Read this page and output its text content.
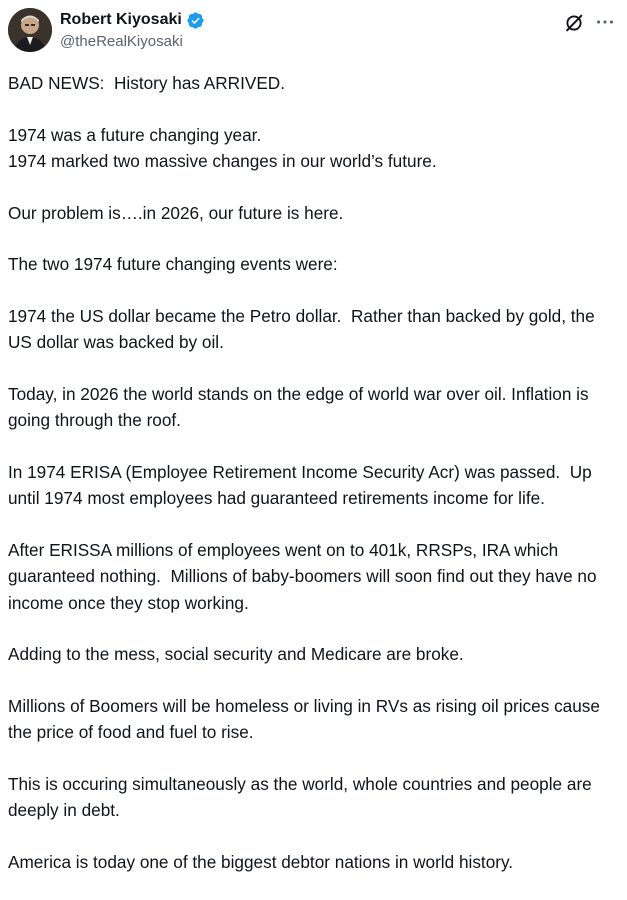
Robert Kiyosaki
@theRealKiyosaki

BAD NEWS:  History has ARRIVED.

1974 was a future changing year.
1974 marked two massive changes in our world’s future.

Our problem is….in 2026, our future is here.

The two 1974 future changing events were:

1974 the US dollar became the Petro dollar.  Rather than backed by gold, the US dollar was backed by oil.

Today, in 2026 the world stands on the edge of world war over oil. Inflation is going through the roof.

In 1974 ERISA (Employee Retirement Income Security Acr) was passed.  Up until 1974 most employees had guaranteed retirements income for life.

After ERISSA millions of employees went on to 401k, RRSPs, IRA which guaranteed nothing.  Millions of baby-boomers will soon find out they have no income once they stop working.

Adding to the mess, social security and Medicare are broke.

Millions of Boomers will be homeless or living in RVs as rising oil prices cause the price of food and fuel to rise.

This is occuring simultaneously as the world, whole countries and people are deeply in debt.

America is today one of the biggest debtor nations in world history.
